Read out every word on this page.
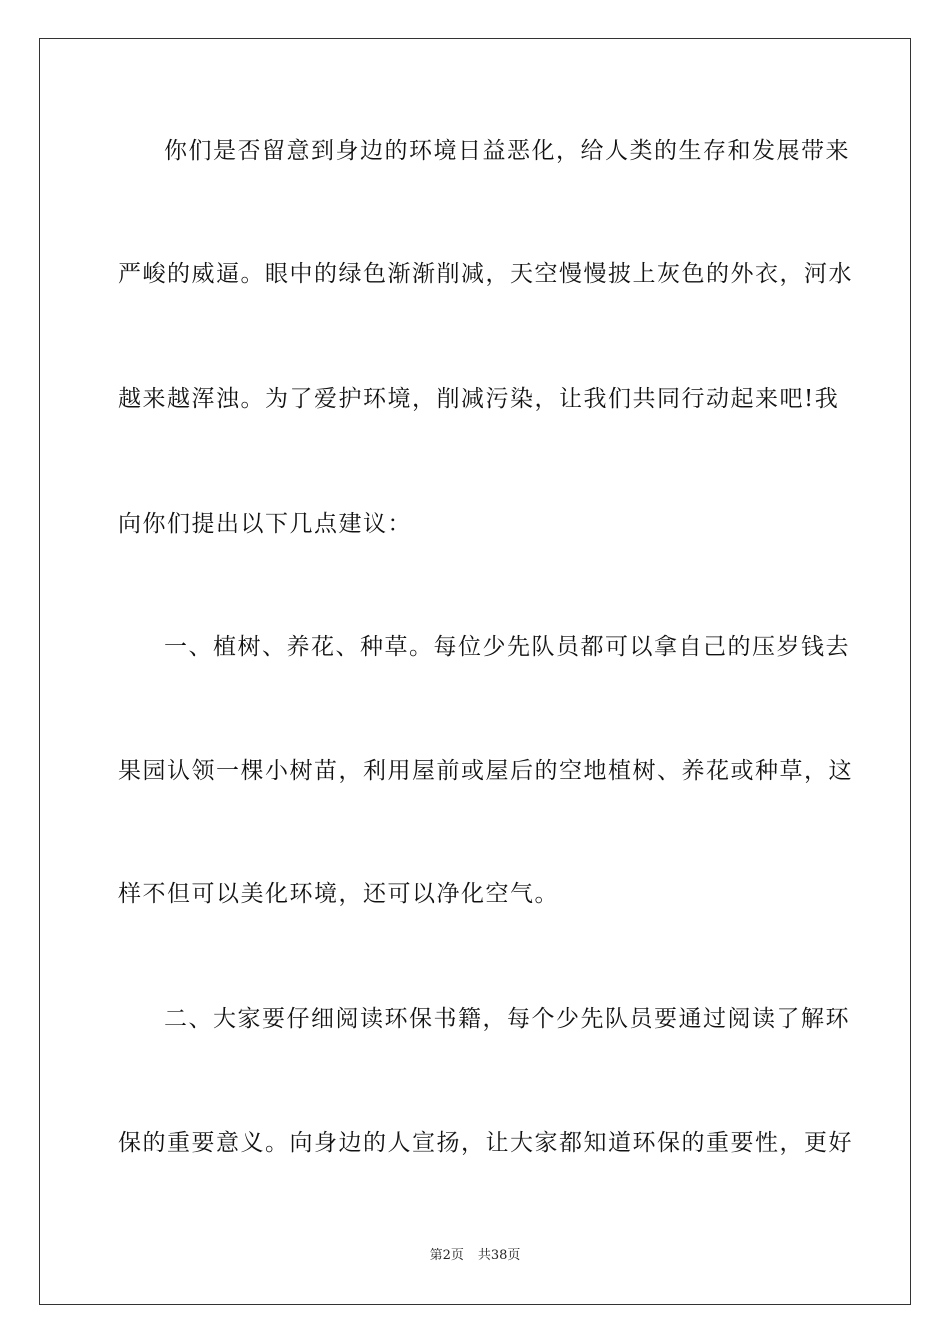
你们是否留意到身边的环境日益恶化，给人类的生存和发展带来
严峻的威逼。眼中的绿色渐渐削减，天空慢慢披上灰色的外衣，河水
越来越浑浊。为了爱护环境，削减污染，让我们共同行动起来吧!我
向你们提出以下几点建议：
一、植树、养花、种草。每位少先队员都可以拿自己的压岁钱去
果园认领一棵小树苗，利用屋前或屋后的空地植树、养花或种草，这
样不但可以美化环境，还可以净化空气。
二、大家要仔细阅读环保书籍，每个少先队员要通过阅读了解环
保的重要意义。向身边的人宣扬，让大家都知道环保的重要性，更好
第2页 共38页
